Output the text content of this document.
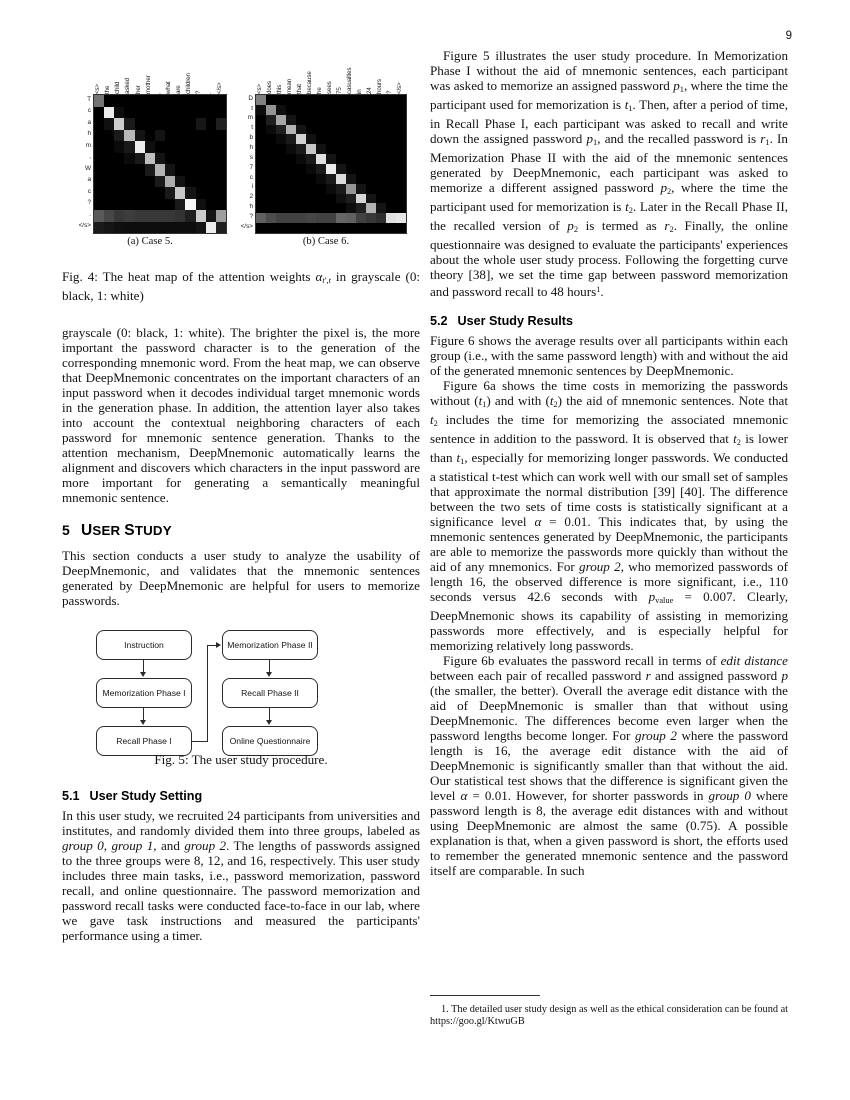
9
<s> the child asked her mother what are children ? </s>
T
c
a
h
m
,
W
a
c
?
.
</s>
<s> does this mean that because he sees 75 casualties in 24 hours ? </s>
D
t
m
t
b
h
s
7
c
i
2
h
?
</s>
(a) Case 5.	(b) Case 6.
Fig. 4: The heat map of the attention weights $\alpha_{t',t}$ in grayscale (0: black, 1: white)

grayscale (0: black, 1: white). The brighter the pixel is, the more important the password character is to the generation of the corresponding mnemonic word. From the heat map, we can observe that DeepMnemonic concentrates on the important characters of an input password when it decodes individual target mnemonic words in the generation phase. In addition, the attention layer also takes into account the contextual neighboring characters of each password for mnemonic sentence generation. Thanks to the attention mechanism, DeepMnemonic automatically learns the alignment and discovers which characters in the input password are more important for generating a semantically meaningful mnemonic sentence.

5 USER STUDY

This section conducts a user study to analyze the usability of DeepMnemonic, and validates that the mnemonic sentences generated by DeepMnemonic are helpful for users to memorize passwords.

Instruction
Memorization Phase I
Recall Phase I
Memorization Phase II
Recall Phase II
Online Questionnaire
Fig. 5: The user study procedure.
5.1 User Study Setting

In this user study, we recruited 24 participants from universities and institutes, and randomly divided them into three groups, labeled as group 0, group 1, and group 2. The lengths of passwords assigned to the three groups were 8, 12, and 16, respectively. This user study includes three main tasks, i.e., password memorization, password recall, and online questionnaire. The password memorization and password recall tasks were conducted face-to-face in our lab, where we gave task instructions and measured the participants' performance using a timer.

Figure 5 illustrates the user study procedure. In Memorization Phase I without the aid of mnemonic sentences, each participant was asked to memorize an assigned password $p_1$, where the time the participant used for memorization is $t_1$. Then, after a period of time, in Recall Phase I, each participant was asked to recall and write down the assigned password $p_1$, and the recalled password is $r_1$. In Memorization Phase II with the aid of the mnemonic sentences generated by DeepMnemonic, each participant was asked to memorize a different assigned password $p_2$, where the time the participant used for memorization is $t_2$. Later in the Recall Phase II, the recalled version of $p_2$ is termed as $r_2$. Finally, the online questionnaire was designed to evaluate the participants' experiences about the whole user study process. Following the forgetting curve theory [38], we set the time gap between password memorization and password recall to 48 hours$^1$.

5.2 User Study Results

Figure 6 shows the average results over all participants within each group (i.e., with the same password length) with and without the aid of the generated mnemonic sentences by DeepMnemonic.

Figure 6a shows the time costs in memorizing the passwords without $(t_1)$ and with $(t_2)$ the aid of mnemonic sentences. Note that $t_2$ includes the time for memorizing the associated mnemonic sentence in addition to the password. It is observed that $t_2$ is lower than $t_1$, especially for memorizing longer passwords. We conducted a statistical t-test which can work well with our small set of samples that approximate the normal distribution [39] [40]. The difference between the two sets of time costs is statistically significant at a significance level α = 0.01. This indicates that, by using the mnemonic sentences generated by DeepMnemonic, the participants are able to memorize the passwords more quickly than without the aid of any mnemonics. For group 2, who memorized passwords of length 16, the observed difference is more significant, i.e., 110 seconds versus 42.6 seconds with $p_{value} = 0.007$. Clearly, DeepMnemonic shows its capability of assisting in memorizing passwords more effectively, and is especially helpful for memorizing relatively long passwords.

Figure 6b evaluates the password recall in terms of edit distance between each pair of recalled password r and assigned password p (the smaller, the better). Overall the average edit distance with the aid of DeepMnemonic is smaller than that without using DeepMnemonic. The differences become even larger when the password lengths become longer. For group 2 where the password length is 16, the average edit distance with the aid of DeepMnemonic is significantly smaller than that without the aid. Our statistical test shows that the difference is significant given the level α = 0.01. However, for shorter passwords in group 0 where password length is 8, the average edit distances with and without using DeepMnemonic are almost the same (0.75). A possible explanation is that, when a given password is short, the efforts used to remember the generated mnemonic sentence and the password itself are comparable. In such

1. The detailed user study design as well as the ethical consideration can be found at https://goo.gl/KtwuGB
